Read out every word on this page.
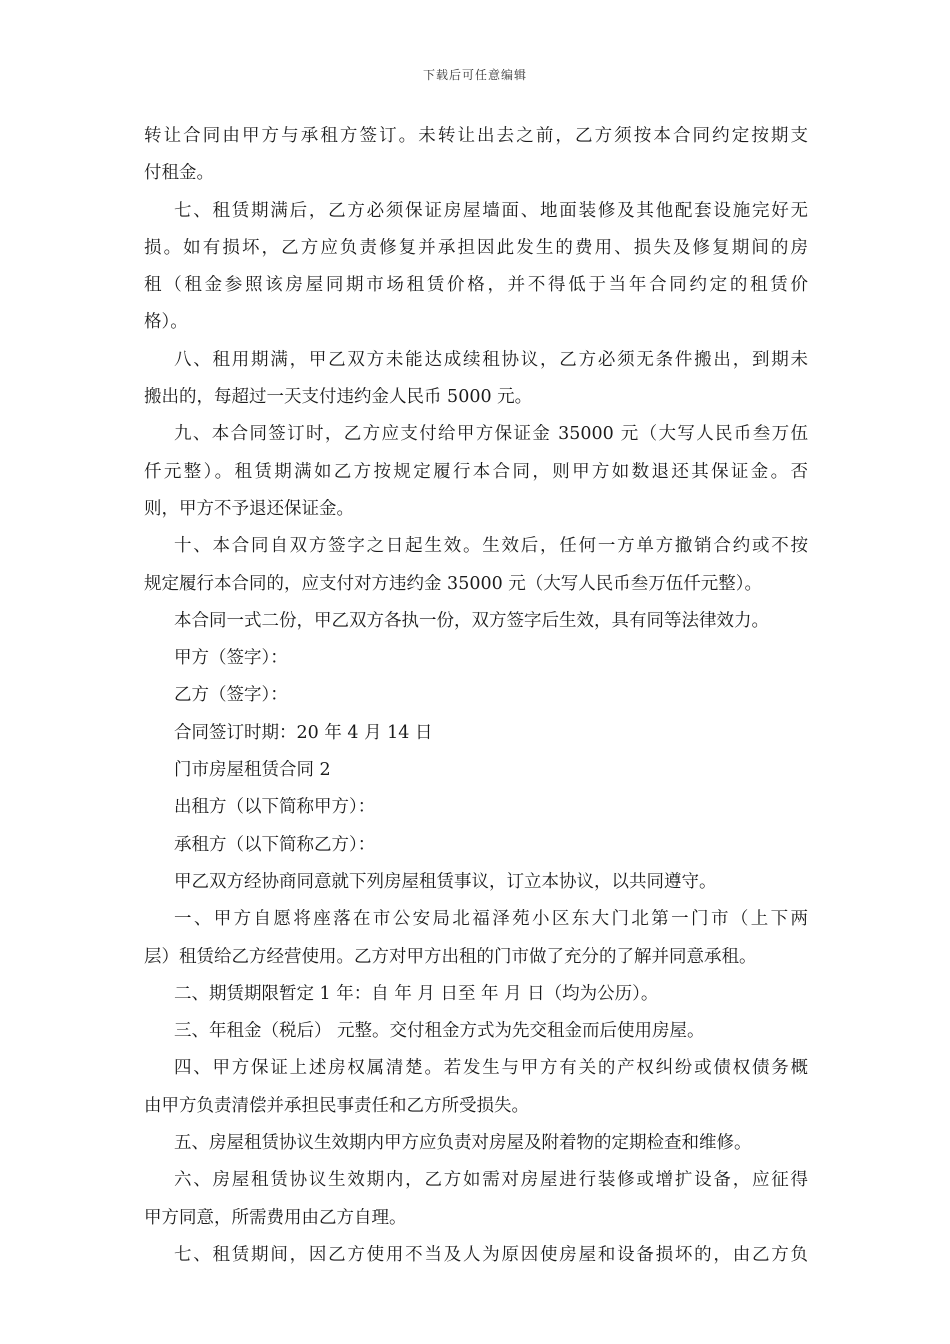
下载后可任意编辑
转让合同由甲方与承租方签订。未转让出去之前，乙方须按本合同约定按期支
付租金。
七、租赁期满后，乙方必须保证房屋墙面、地面装修及其他配套设施完好无
损。如有损坏，乙方应负责修复并承担因此发生的费用、损失及修复期间的房
租（租金参照该房屋同期市场租赁价格，并不得低于当年合同约定的租赁价
格）。
八、租用期满，甲乙双方未能达成续租协议，乙方必须无条件搬出，到期未
搬出的，每超过一天支付违约金人民币 5000 元。
九、本合同签订时，乙方应支付给甲方保证金 35000 元（大写人民币叁万伍
仟元整）。租赁期满如乙方按规定履行本合同，则甲方如数退还其保证金。否
则，甲方不予退还保证金。
十、本合同自双方签字之日起生效。生效后，任何一方单方撤销合约或不按
规定履行本合同的，应支付对方违约金 35000 元（大写人民币叁万伍仟元整）。
本合同一式二份，甲乙双方各执一份，双方签字后生效，具有同等法律效力。
甲方（签字）：
乙方（签字）：
合同签订时期：20 年 4 月 14 日
门市房屋租赁合同 2
出租方（以下简称甲方）：
承租方（以下简称乙方）：
甲乙双方经协商同意就下列房屋租赁事议，订立本协议，以共同遵守。
一、甲方自愿将座落在市公安局北福泽苑小区东大门北第一门市（上下两
层）租赁给乙方经营使用。乙方对甲方出租的门市做了充分的了解并同意承租。
二、期赁期限暂定 1 年：自 年 月 日至 年 月 日（均为公历）。
三、年租金（税后） 元整。交付租金方式为先交租金而后使用房屋。
四、甲方保证上述房权属清楚。若发生与甲方有关的产权纠纷或债权债务概
由甲方负责清偿并承担民事责任和乙方所受损失。
五、房屋租赁协议生效期内甲方应负责对房屋及附着物的定期检查和维修。
六、房屋租赁协议生效期内，乙方如需对房屋进行装修或增扩设备，应征得
甲方同意，所需费用由乙方自理。
七、租赁期间，因乙方使用不当及人为原因使房屋和设备损坏的，由乙方负
